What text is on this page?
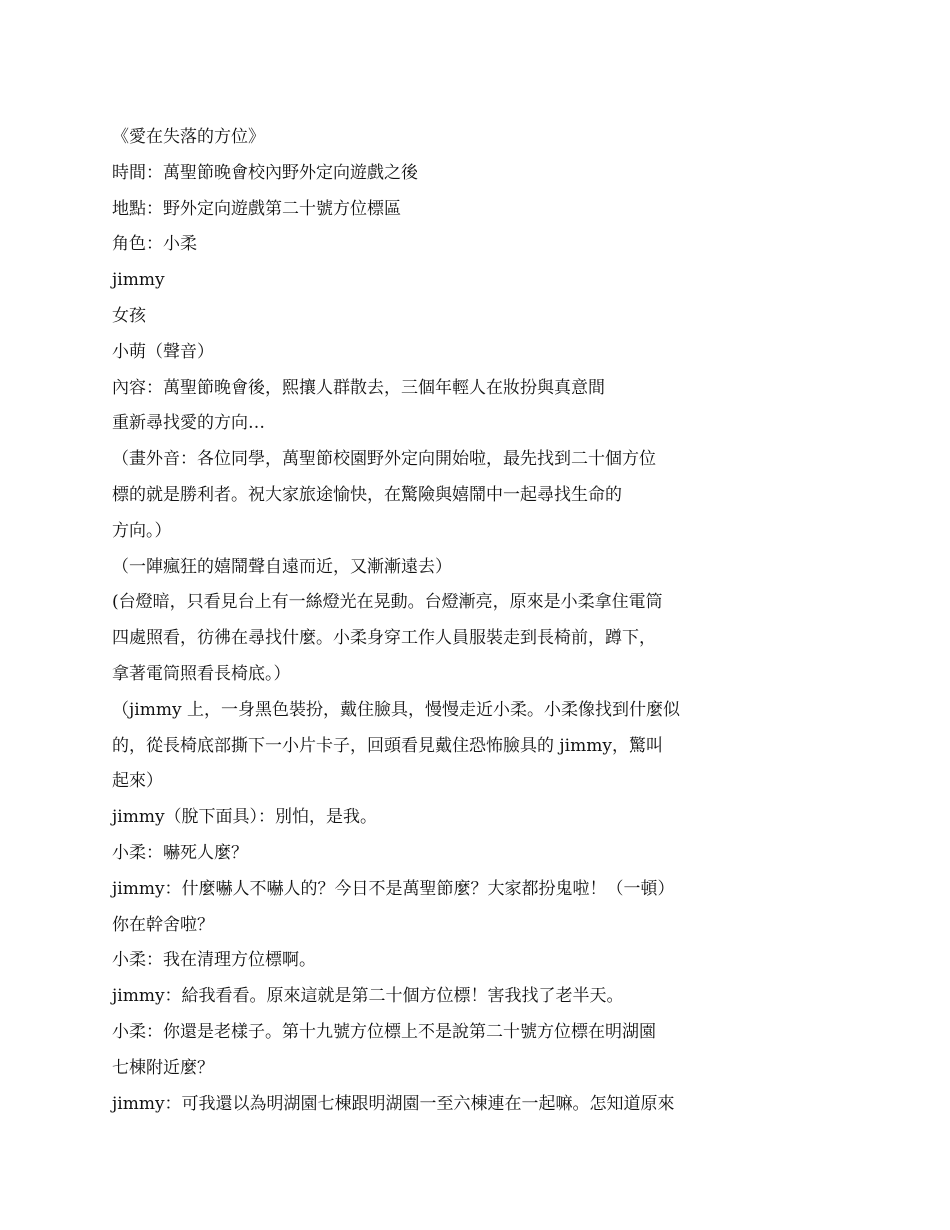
《愛在失落的方位》
時間：萬聖節晚會校內野外定向遊戲之後
地點：野外定向遊戲第二十號方位標區
角色：小柔
jimmy
女孩
小萌（聲音）
內容：萬聖節晚會後，熙攘人群散去，三個年輕人在妝扮與真意間
重新尋找愛的方向…
（畫外音：各位同學，萬聖節校園野外定向開始啦，最先找到二十個方位
標的就是勝利者。祝大家旅途愉快，在驚險與嬉鬧中一起尋找生命的
方向。）
（一陣瘋狂的嬉鬧聲自遠而近，又漸漸遠去）
(台燈暗，只看見台上有一絲燈光在晃動。台燈漸亮，原來是小柔拿住電筒
四處照看，彷彿在尋找什麼。小柔身穿工作人員服裝走到長椅前，蹲下，
拿著電筒照看長椅底。）
（jimmy 上，一身黑色裝扮，戴住臉具，慢慢走近小柔。小柔像找到什麼似
的，從長椅底部撕下一小片卡子，回頭看見戴住恐怖臉具的 jimmy，驚叫
起來）
jimmy（脫下面具）：別怕，是我。
小柔：嚇死人麼？
jimmy：什麼嚇人不嚇人的？今日不是萬聖節麼？大家都扮鬼啦！（一頓）
你在幹舍啦？
小柔：我在清理方位標啊。
jimmy：給我看看。原來這就是第二十個方位標！害我找了老半天。
小柔：你還是老樣子。第十九號方位標上不是說第二十號方位標在明湖園
七棟附近麼？
jimmy：可我還以為明湖園七棟跟明湖園一至六棟連在一起嘛。怎知道原來
